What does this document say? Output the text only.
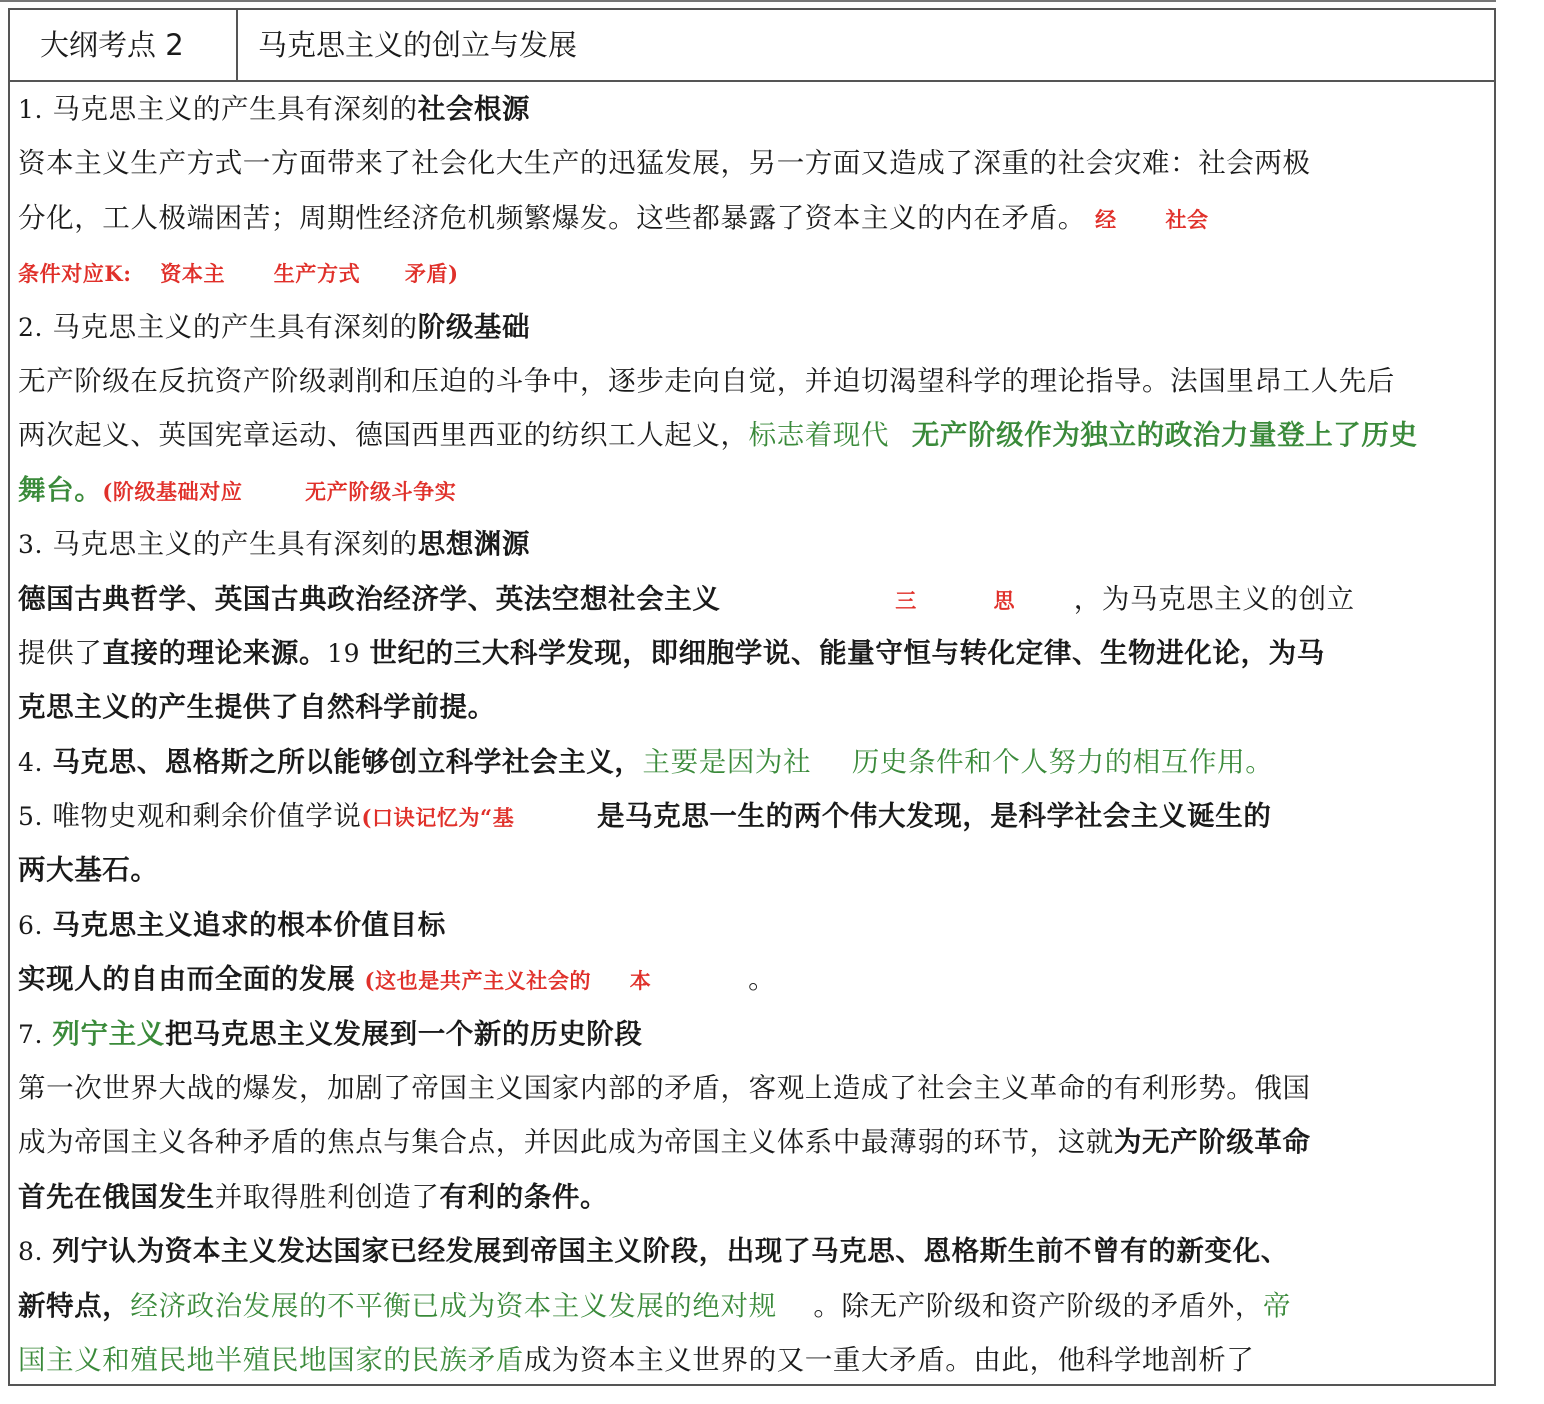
大纲考点 2	马克思主义的创立与发展
1. 马克思主义的产生具有深刻的社会根源
资本主义生产方式一方面带来了社会化大生产的迅猛发展，另一方面又造成了深重的社会灾难：社会两极
分化，工人极端困苦；周期性经济危机频繁爆发。这些都暴露了资本主义的内在矛盾。 经 社会
条件对应K: 资本主 生产方式 矛盾)
2. 马克思主义的产生具有深刻的阶级基础
无产阶级在反抗资产阶级剥削和压迫的斗争中，逐步走向自觉，并迫切渴望科学的理论指导。法国里昂工人先后
两次起义、英国宪章运动、德国西里西亚的纺织工人起义，标志着现代 无产阶级作为独立的政治力量登上了历史
舞台。(阶级基础对应	无产阶级斗争实
3. 马克思主义的产生具有深刻的思想渊源
德国古典哲学、英国古典政治经济学、英法空想社会主义	三	思 ，为马克思主义的创立
提供了直接的理论来源。19 世纪的三大科学发现，即细胞学说、能量守恒与转化定律、生物进化论，为马
克思主义的产生提供了自然科学前提。
4. 马克思、恩格斯之所以能够创立科学社会主义，主要是因为社 历史条件和个人努力的相互作用。
5. 唯物史观和剩余价值学说(口诀记忆为“基	是马克思一生的两个伟大发现，是科学社会主义诞生的
两大基石。
6. 马克思主义追求的根本价值目标
实现人的自由而全面的发展 (这也是共产主义社会的 本	。
7. 列宁主义把马克思主义发展到一个新的历史阶段
第一次世界大战的爆发，加剧了帝国主义国家内部的矛盾，客观上造成了社会主义革命的有利形势。俄国
成为帝国主义各种矛盾的焦点与集合点，并因此成为帝国主义体系中最薄弱的环节，这就为无产阶级革命
首先在俄国发生并取得胜利创造了有利的条件。
8. 列宁认为资本主义发达国家已经发展到帝国主义阶段，出现了马克思、恩格斯生前不曾有的新变化、
新特点，经济政治发展的不平衡已成为资本主义发展的绝对规 。除无产阶级和资产阶级的矛盾外，帝
国主义和殖民地半殖民地国家的民族矛盾成为资本主义世界的又一重大矛盾。由此，他科学地剖析了
